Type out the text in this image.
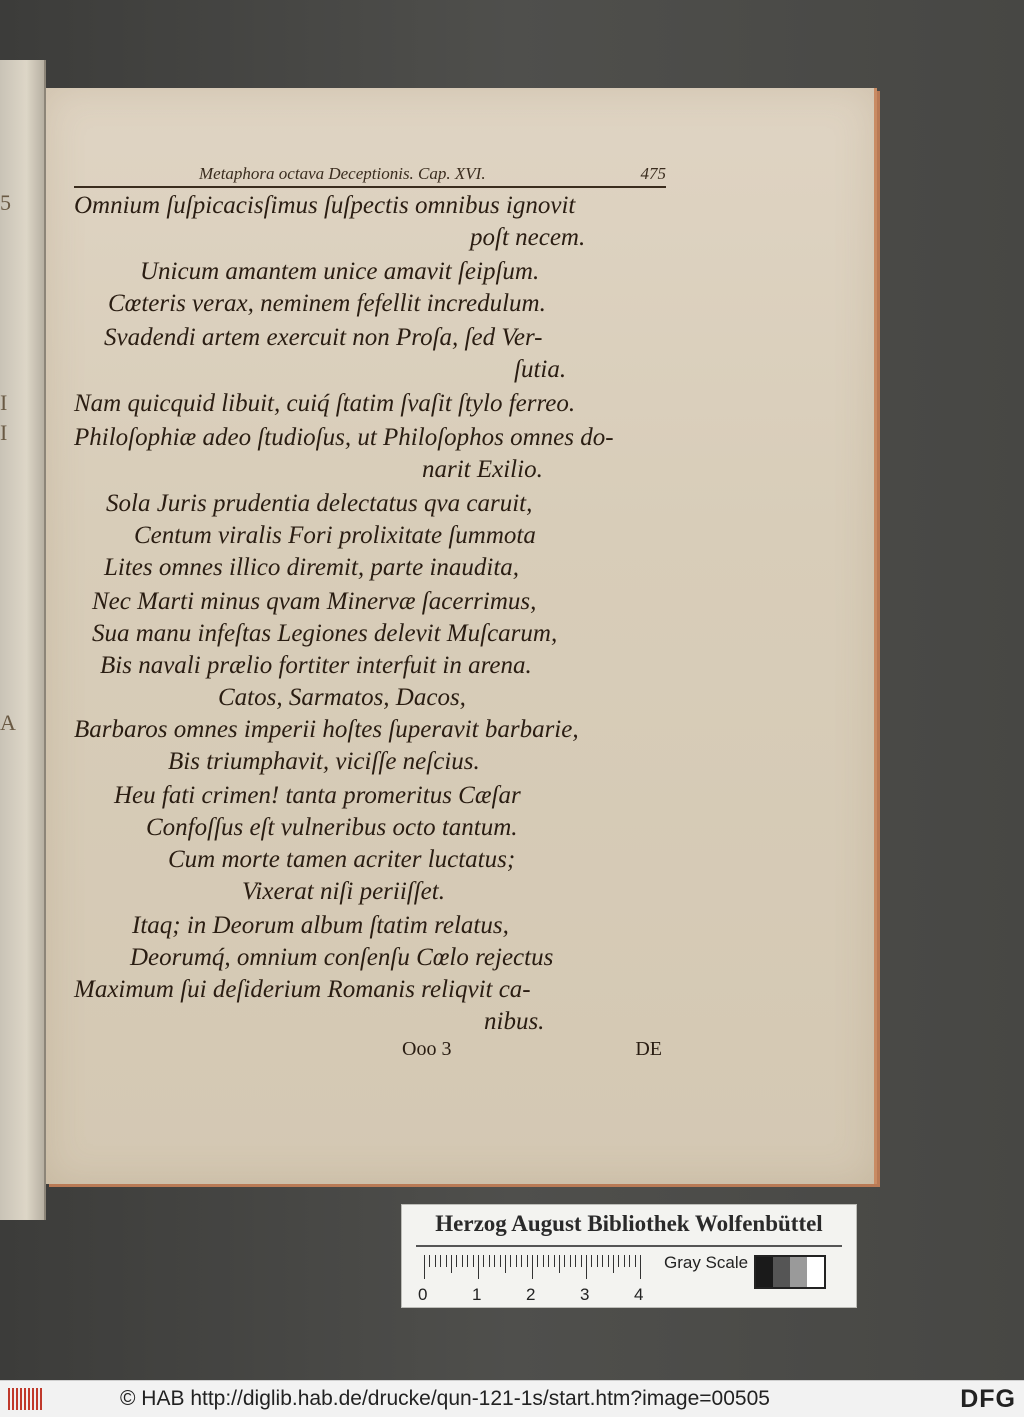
5
I
I
A
Metaphora octava Deceptionis. Cap. XVI.	475
Omnium ſuſpicacisſimus ſuſpectis omnibus ignovit
poſt necem.
Unicum amantem unice amavit ſeipſum.
Cœteris verax, neminem fefellit incredulum.
Svadendi artem exercuit non Proſa, ſed Ver-
ſutia.
Nam quicquid libuit, cuiq́ ſtatim ſvaſit ſtylo ferreo.
Philoſophiæ adeo ſtudioſus, ut Philoſophos omnes do-
narit Exilio.
Sola Juris prudentia delectatus qva caruit,
Centum viralis Fori prolixitate ſummota
Lites omnes illico diremit, parte inaudita,
Nec Marti minus qvam Minervæ ſacerrimus,
Sua manu infeſtas Legiones delevit Muſcarum,
Bis navali prælio fortiter interfuit in arena.
Catos, Sarmatos, Dacos,
Barbaros omnes imperii hoſtes ſuperavit barbarie,
Bis triumphavit, viciſſe neſcius.
Heu fati crimen! tanta promeritus Cæſar
Confoſſus eſt vulneribus octo tantum.
Cum morte tamen acriter luctatus;
Vixerat niſi periiſſet.
Itaq; in Deorum album ſtatim relatus,
Deorumq́, omnium conſenſu Cœlo rejectus
Maximum ſui deſiderium Romanis reliqvit ca-
nibus.
Ooo 3	DE
Herzog August Bibliothek Wolfenbüttel
0	1	2	3	4
Gray Scale
© HAB http://diglib.hab.de/drucke/qun-121-1s/start.htm?image=00505	DFG
